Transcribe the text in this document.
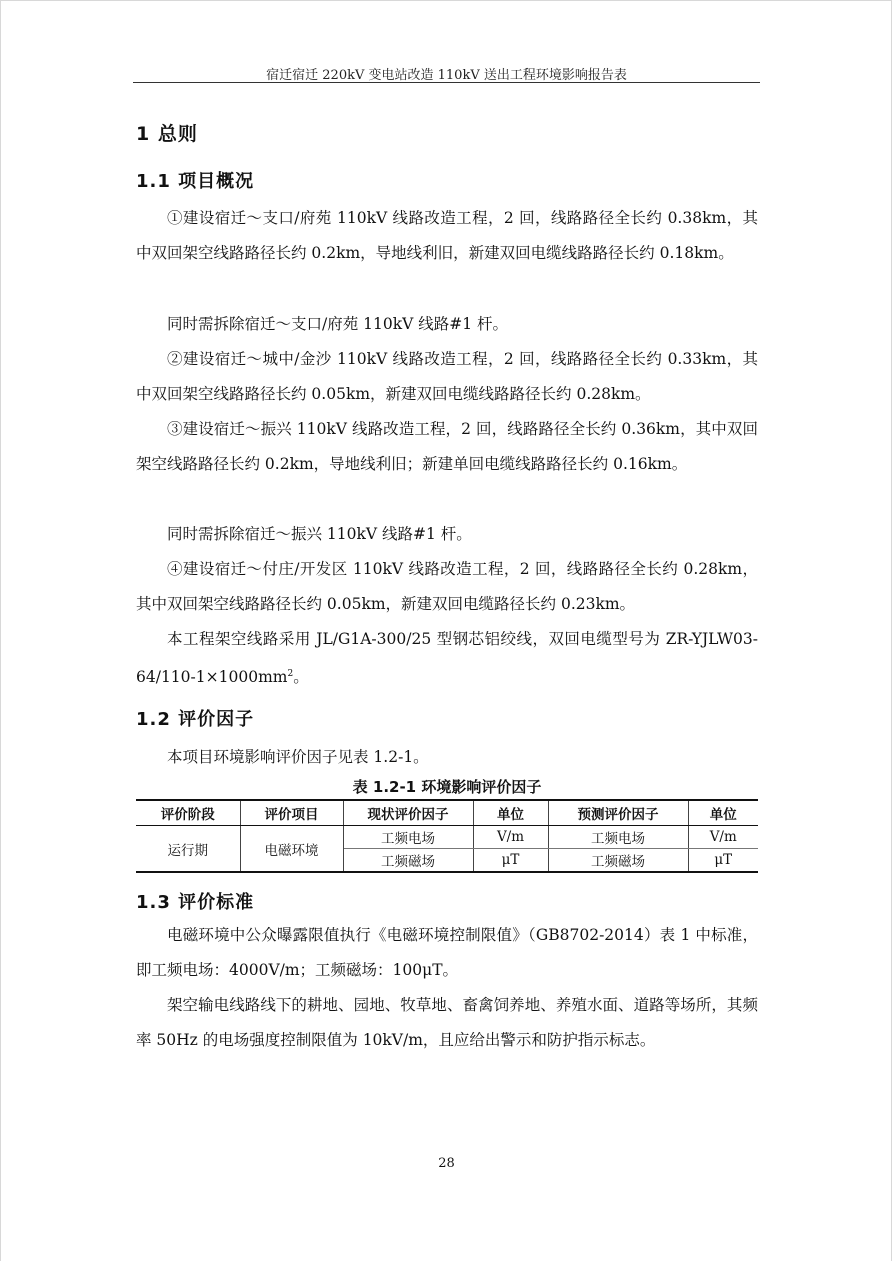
宿迁宿迁 220kV 变电站改造 110kV 送出工程环境影响报告表
1 总则
1.1 项目概况
①建设宿迁～支口/府苑 110kV 线路改造工程，2 回，线路路径全长约 0.38km，其中双回架空线路路径长约 0.2km，导地线利旧，新建双回电缆线路路径长约 0.18km。
同时需拆除宿迁～支口/府苑 110kV 线路#1 杆。
②建设宿迁～城中/金沙 110kV 线路改造工程，2 回，线路路径全长约 0.33km，其中双回架空线路路径长约 0.05km，新建双回电缆线路路径长约 0.28km。
③建设宿迁～振兴 110kV 线路改造工程，2 回，线路路径全长约 0.36km，其中双回架空线路路径长约 0.2km，导地线利旧；新建单回电缆线路路径长约 0.16km。
同时需拆除宿迁～振兴 110kV 线路#1 杆。
④建设宿迁～付庄/开发区 110kV 线路改造工程，2 回，线路路径全长约 0.28km，其中双回架空线路路径长约 0.05km，新建双回电缆路径长约 0.23km。
本工程架空线路采用 JL/G1A-300/25 型钢芯铝绞线，双回电缆型号为 ZR-YJLW03- $64/110-1\times 1000mm^2$。
1.2 评价因子
本项目环境影响评价因子见表 1.2-1。
表 1.2-1 环境影响评价因子
评价阶段	评价项目	现状评价因子	单位	预测评价因子	单位
运行期	电磁环境	工频电场	V/m	工频电场	V/m
		工频磁场	μT	工频磁场	μT
1.3 评价标准
电磁环境中公众曝露限值执行《电磁环境控制限值》（GB8702-2014）表 1 中标准，即工频电场：4000V/m；工频磁场：100μT。
架空输电线路线下的耕地、园地、牧草地、畜禽饲养地、养殖水面、道路等场所，其频率 50Hz 的电场强度控制限值为 10kV/m，且应给出警示和防护指示标志。
28
